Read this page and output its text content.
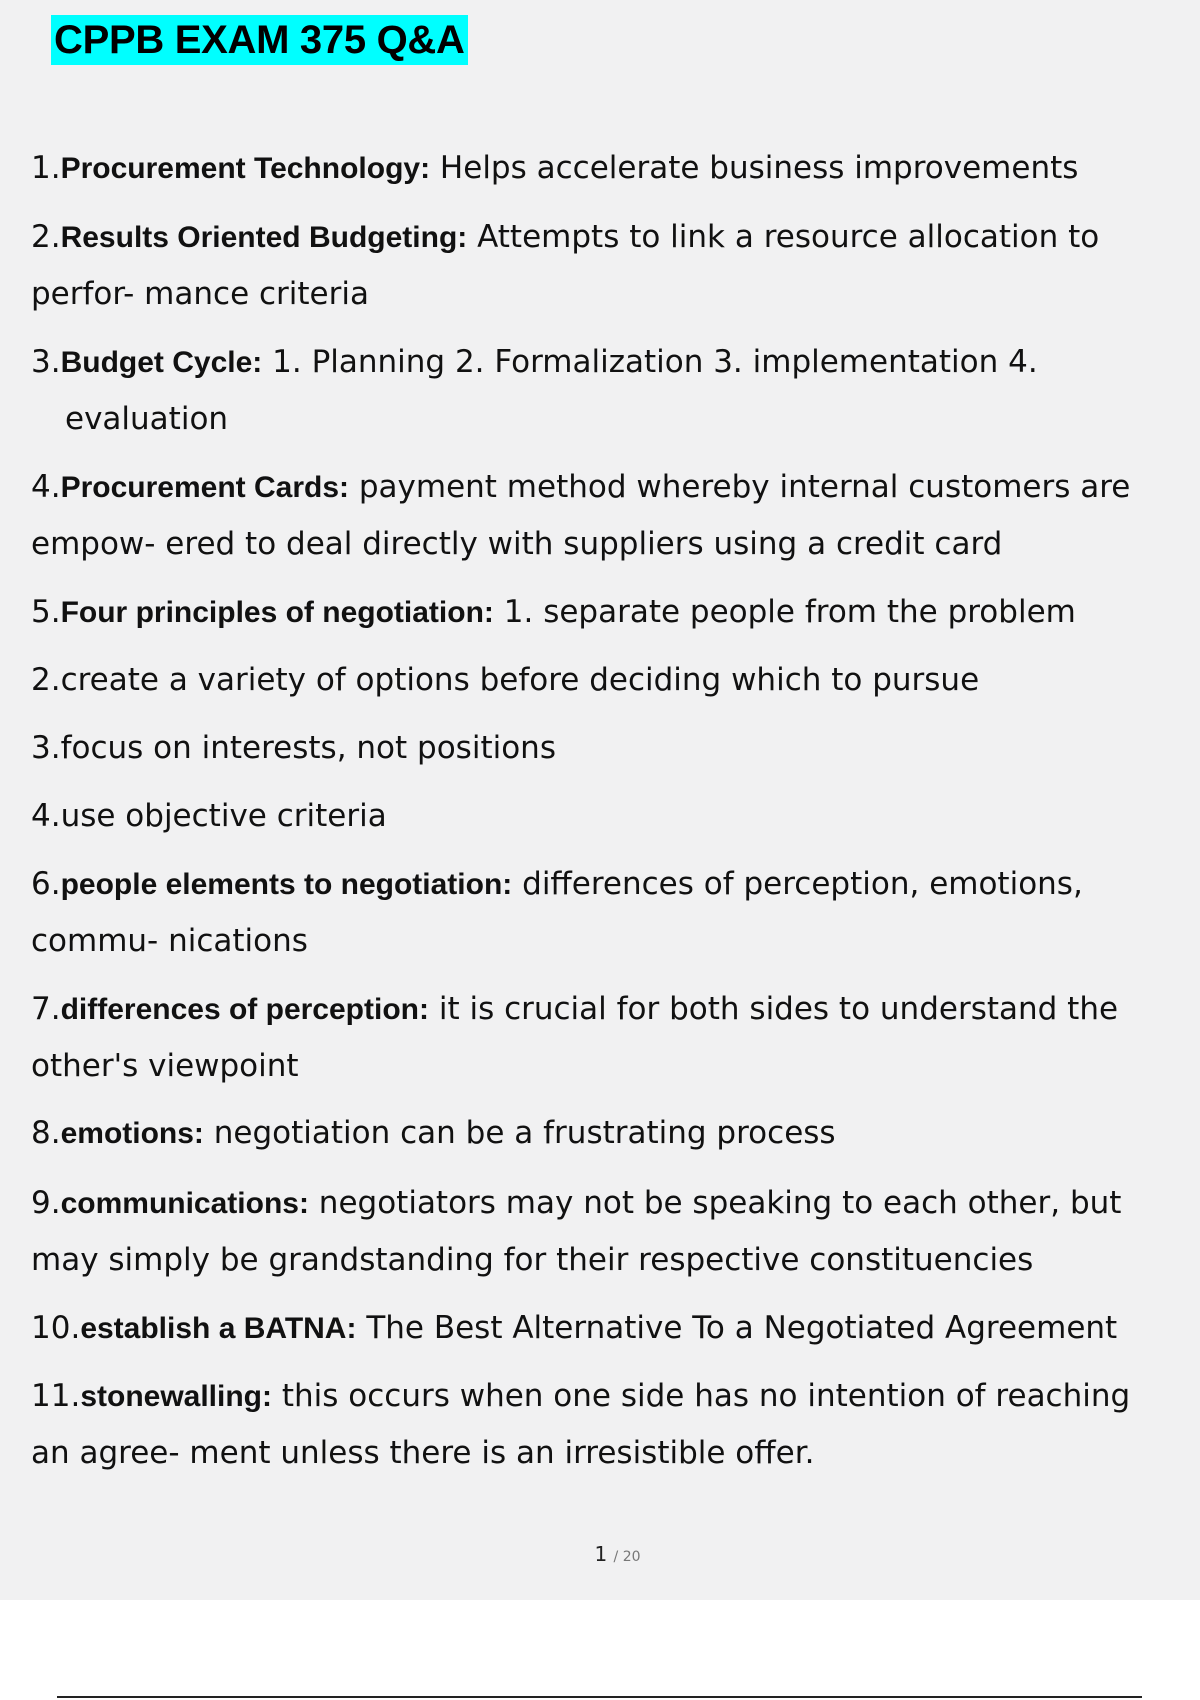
CPPB EXAM 375 Q&A
1.Procurement Technology: Helps accelerate business improvements
2.Results Oriented Budgeting: Attempts to link a resource allocation to
perfor- mance criteria
3.Budget Cycle: 1. Planning 2. Formalization 3. implementation 4.
evaluation
4.Procurement Cards: payment method whereby internal customers are
empow- ered to deal directly with suppliers using a credit card
5.Four principles of negotiation: 1. separate people from the problem
2.create a variety of options before deciding which to pursue
3.focus on interests, not positions
4.use objective criteria
6.people elements to negotiation: differences of perception, emotions,
commu- nications
7.differences of perception: it is crucial for both sides to understand the
other's viewpoint
8.emotions: negotiation can be a frustrating process
9.communications: negotiators may not be speaking to each other, but
may simply be grandstanding for their respective constituencies
10.establish a BATNA: The Best Alternative To a Negotiated Agreement
11.stonewalling: this occurs when one side has no intention of reaching
an agree- ment unless there is an irresistible offer.
1 / 20
